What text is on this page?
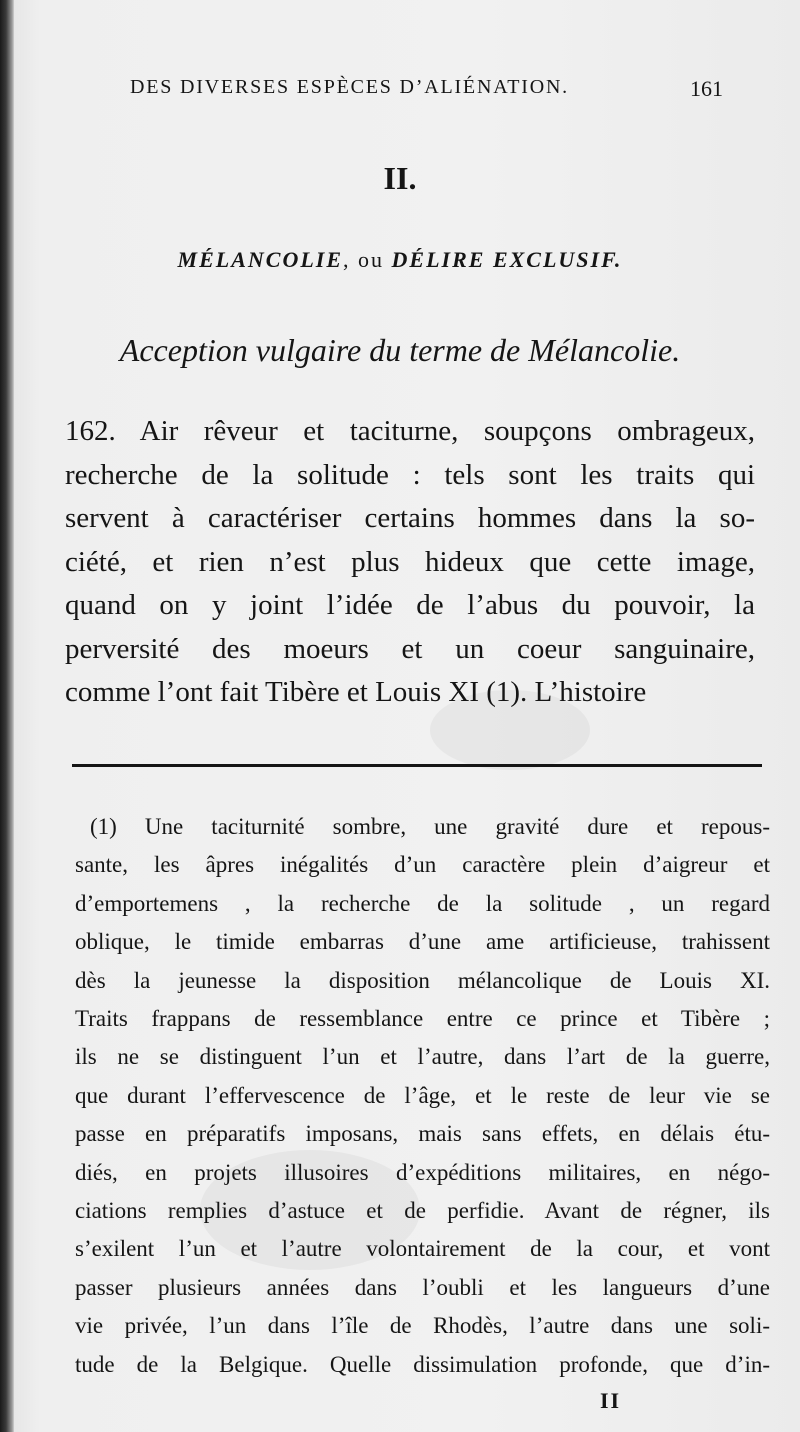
DES DIVERSES ESPÈCES D’ALIÉNATION.	161
II.
MÉLANCOLIE, ou DÉLIRE EXCLUSIF.
Acception vulgaire du terme de Mélancolie.
162. Air rêveur et taciturne, soupçons ombrageux,
recherche de la solitude : tels sont les traits qui
servent à caractériser certains hommes dans la so-
ciété, et rien n’est plus hideux que cette image,
quand on y joint l’idée de l’abus du pouvoir, la
perversité des moeurs et un coeur sanguinaire,
comme l’ont fait Tibère et Louis XI (1). L’histoire
(1) Une taciturnité sombre, une gravité dure et repous-
sante, les âpres inégalités d’un caractère plein d’aigreur et
d’emportemens , la recherche de la solitude , un regard
oblique, le timide embarras d’une ame artificieuse, trahissent
dès la jeunesse la disposition mélancolique de Louis XI.
Traits frappans de ressemblance entre ce prince et Tibère ;
ils ne se distinguent l’un et l’autre, dans l’art de la guerre,
que durant l’effervescence de l’âge, et le reste de leur vie se
passe en préparatifs imposans, mais sans effets, en délais étu-
diés, en projets illusoires d’expéditions militaires, en négo-
ciations remplies d’astuce et de perfidie. Avant de régner, ils
s’exilent l’un et l’autre volontairement de la cour, et vont
passer plusieurs années dans l’oubli et les langueurs d’une
vie privée, l’un dans l’île de Rhodès, l’autre dans une soli-
tude de la Belgique. Quelle dissimulation profonde, que d’in-
II
